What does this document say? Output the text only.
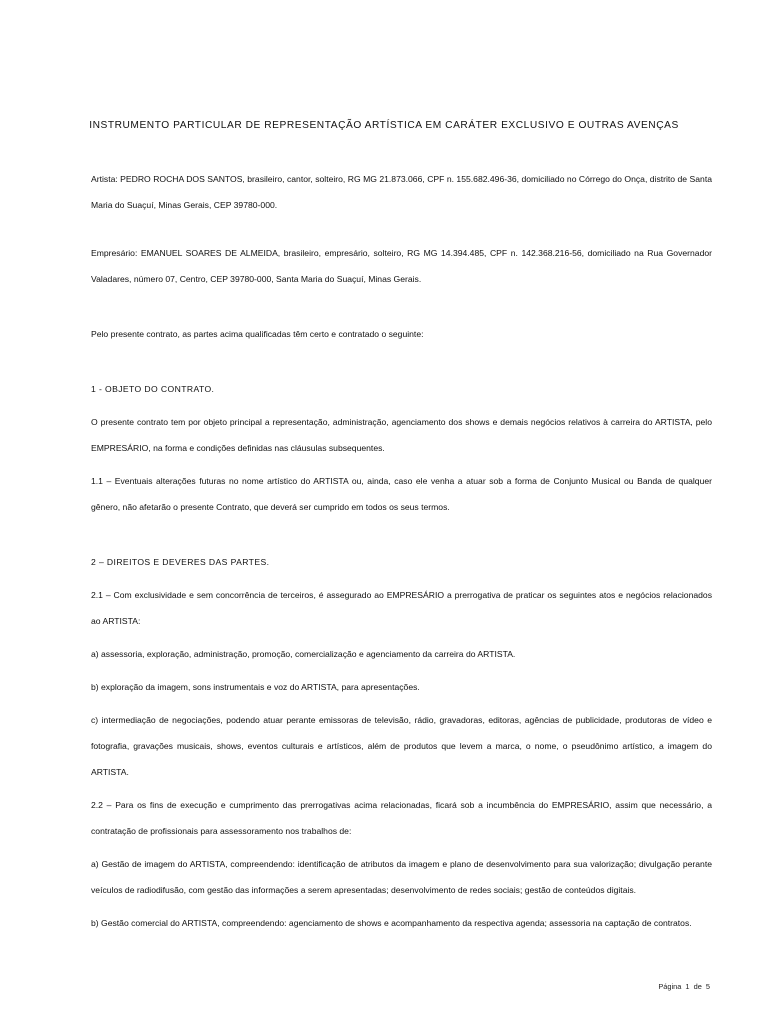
INSTRUMENTO PARTICULAR DE REPRESENTAÇÃO ARTÍSTICA EM CARÁTER EXCLUSIVO E OUTRAS AVENÇAS

Artista: PEDRO ROCHA DOS SANTOS, brasileiro, cantor, solteiro, RG MG 21.873.066, CPF n. 155.682.496-36, domiciliado no Córrego do Onça, distrito de Santa Maria do Suaçuí, Minas Gerais, CEP 39780-000.

Empresário: EMANUEL SOARES DE ALMEIDA, brasileiro, empresário, solteiro, RG MG 14.394.485, CPF n. 142.368.216-56, domiciliado na Rua Governador Valadares, número 07, Centro, CEP 39780-000, Santa Maria do Suaçuí, Minas Gerais.

Pelo presente contrato, as partes acima qualificadas têm certo e contratado o seguinte:

1 - OBJETO DO CONTRATO.

O presente contrato tem por objeto principal a representação, administração, agenciamento dos shows e demais negócios relativos à carreira do ARTISTA, pelo EMPRESÁRIO, na forma e condições definidas nas cláusulas subsequentes.

1.1 – Eventuais alterações futuras no nome artístico do ARTISTA ou, ainda, caso ele venha a atuar sob a forma de Conjunto Musical ou Banda de qualquer gênero, não afetarão o presente Contrato, que deverá ser cumprido em todos os seus termos.

2 – DIREITOS E DEVERES DAS PARTES.

2.1 – Com exclusividade e sem concorrência de terceiros, é assegurado ao EMPRESÁRIO a prerrogativa de praticar os seguintes atos e negócios relacionados ao ARTISTA:

a) assessoria, exploração, administração, promoção, comercialização e agenciamento da carreira do ARTISTA.

b) exploração da imagem, sons instrumentais e voz do ARTISTA, para apresentações.

c) intermediação de negociações, podendo atuar perante emissoras de televisão, rádio, gravadoras, editoras, agências de publicidade, produtoras de vídeo e fotografia, gravações musicais, shows, eventos culturais e artísticos, além de produtos que levem a marca, o nome, o pseudônimo artístico, a imagem do ARTISTA.

2.2 – Para os fins de execução e cumprimento das prerrogativas acima relacionadas, ficará sob a incumbência do EMPRESÁRIO, assim que necessário, a contratação de profissionais para assessoramento nos trabalhos de:

a) Gestão de imagem do ARTISTA, compreendendo: identificação de atributos da imagem e plano de desenvolvimento para sua valorização; divulgação perante veículos de radiodifusão, com gestão das informações a serem apresentadas; desenvolvimento de redes sociais; gestão de conteúdos digitais.

b) Gestão comercial do ARTISTA, compreendendo: agenciamento de shows e acompanhamento da respectiva agenda; assessoria na captação de contratos.

Página 1 de 5
